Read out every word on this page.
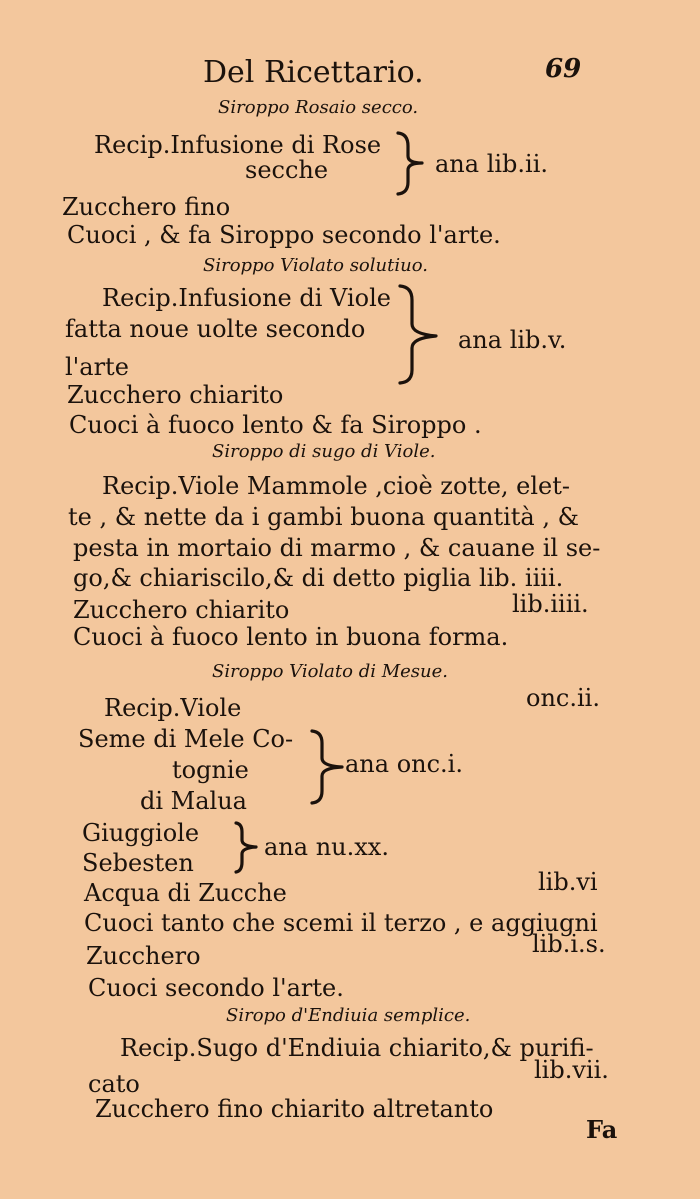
Del Ricettario.	69
Siroppo Rosaio secco.
Recip.Infusione di Rose
secche	ana lib.ii.
Zucchero fino
Cuoci , & fa Siroppo secondo l'arte.
Siroppo Violato solutiuo.
Recip.Infusione di Viole
fatta noue uolte secondo
l'arte
ana lib.v.
Zucchero chiarito
Cuoci à fuoco lento & fa Siroppo .
Siroppo di sugo di Viole.
Recip.Viole Mammole ,cioè zotte, elet-
te , & nette da i gambi buona quantità , &
pesta in mortaio di marmo , & cauane il se-
go,& chiariscilo,& di detto piglia lib. iiii.
Zucchero chiarito	lib.iiii.
Cuoci à fuoco lento in buona forma.
Siroppo Violato di Mesue.
Recip.Viole	onc.ii.
Seme di Mele Co-
tognie
di Malua
ana onc.i.
Giuggiole
Sebesten
ana nu.xx.
Acqua di Zucche	lib.vi
Cuoci tanto che scemi il terzo , e aggiugni
Zucchero	lib.i.s.
Cuoci secondo l'arte.
Siropo d'Endiuia semplice.
Recip.Sugo d'Endiuia chiarito,& purifi-
cato	lib.vii.
Zucchero fino chiarito altretanto
Fa
